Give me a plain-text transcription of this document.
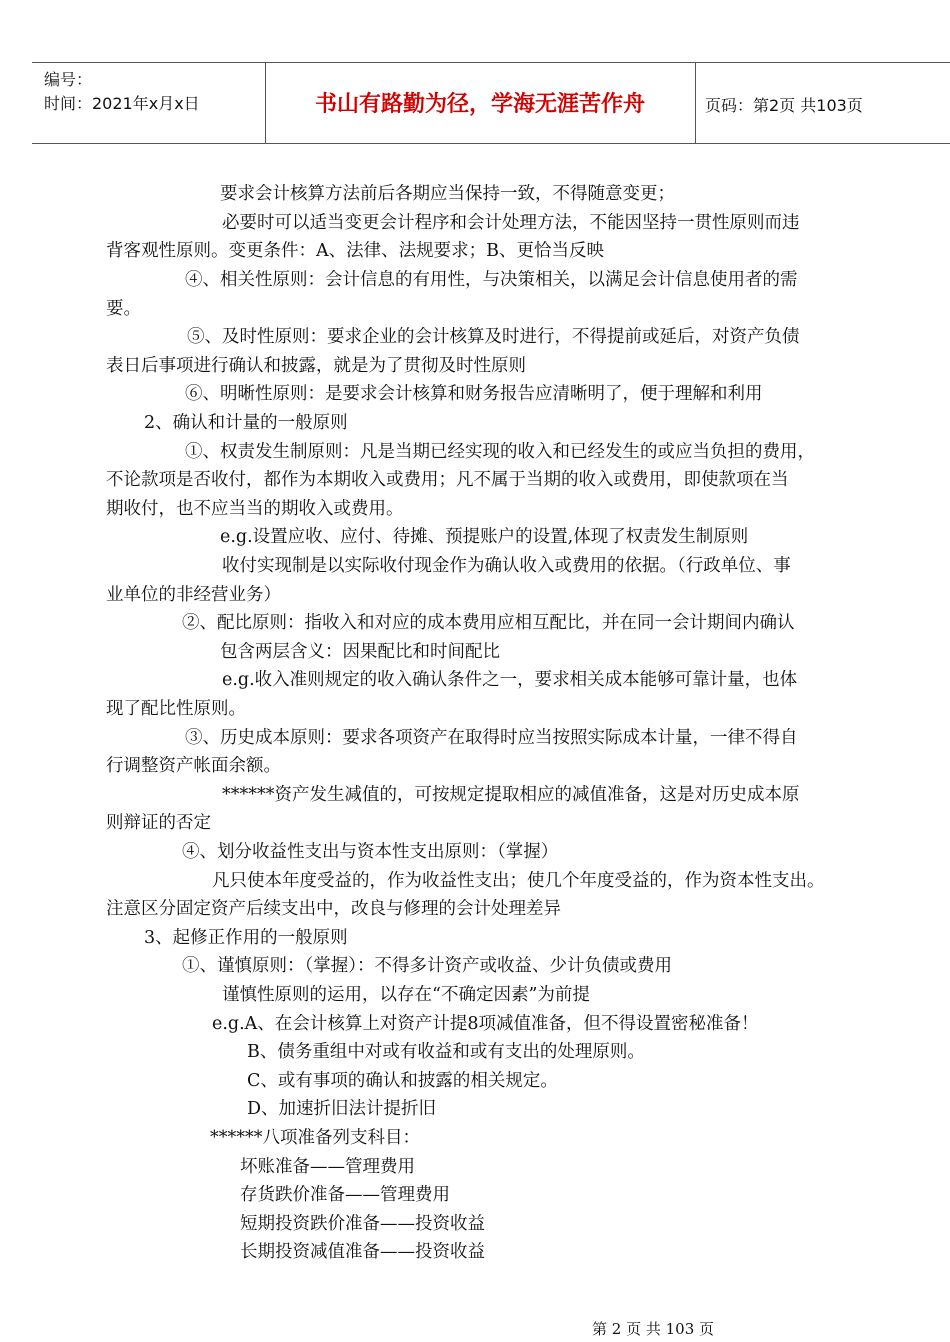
编号：
时间：2021年x月x日	书山有路勤为径，学海无涯苦作舟	页码：第2页 共103页
要求会计核算方法前后各期应当保持一致，不得随意变更；
必要时可以适当变更会计程序和会计处理方法，不能因坚持一贯性原则而违
背客观性原则。变更条件：A、法律、法规要求；B、更恰当反映
④、相关性原则：会计信息的有用性，与决策相关，以满足会计信息使用者的需
要。
⑤、及时性原则：要求企业的会计核算及时进行，不得提前或延后，对资产负债
表日后事项进行确认和披露，就是为了贯彻及时性原则
⑥、明晰性原则：是要求会计核算和财务报告应清晰明了，便于理解和利用
2、确认和计量的一般原则
①、权责发生制原则：凡是当期已经实现的收入和已经发生的或应当负担的费用，
不论款项是否收付，都作为本期收入或费用；凡不属于当期的收入或费用，即使款项在当
期收付，也不应当当的期收入或费用。
e.g.设置应收、应付、待摊、预提账户的设置,体现了权责发生制原则
收付实现制是以实际收付现金作为确认收入或费用的依据。（行政单位、事
业单位的非经营业务）
②、配比原则：指收入和对应的成本费用应相互配比，并在同一会计期间内确认
包含两层含义：因果配比和时间配比
e.g.收入准则规定的收入确认条件之一，要求相关成本能够可靠计量，也体
现了配比性原则。
③、历史成本原则：要求各项资产在取得时应当按照实际成本计量，一律不得自
行调整资产帐面余额。
******资产发生减值的，可按规定提取相应的减值准备，这是对历史成本原
则辩证的否定
④、划分收益性支出与资本性支出原则：（掌握）
凡只使本年度受益的，作为收益性支出；使几个年度受益的，作为资本性支出。
注意区分固定资产后续支出中，改良与修理的会计处理差异
3、起修正作用的一般原则
①、谨慎原则：（掌握）：不得多计资产或收益、少计负债或费用
谨慎性原则的运用，以存在“不确定因素”为前提
e.g.A、在会计核算上对资产计提8项减值准备，但不得设置密秘准备！
B、债务重组中对或有收益和或有支出的处理原则。
C、或有事项的确认和披露的相关规定。
D、加速折旧法计提折旧
******八项准备列支科目：
坏账准备——管理费用
存货跌价准备——管理费用
短期投资跌价准备——投资收益
长期投资减值准备——投资收益
第 2 页 共 103 页
